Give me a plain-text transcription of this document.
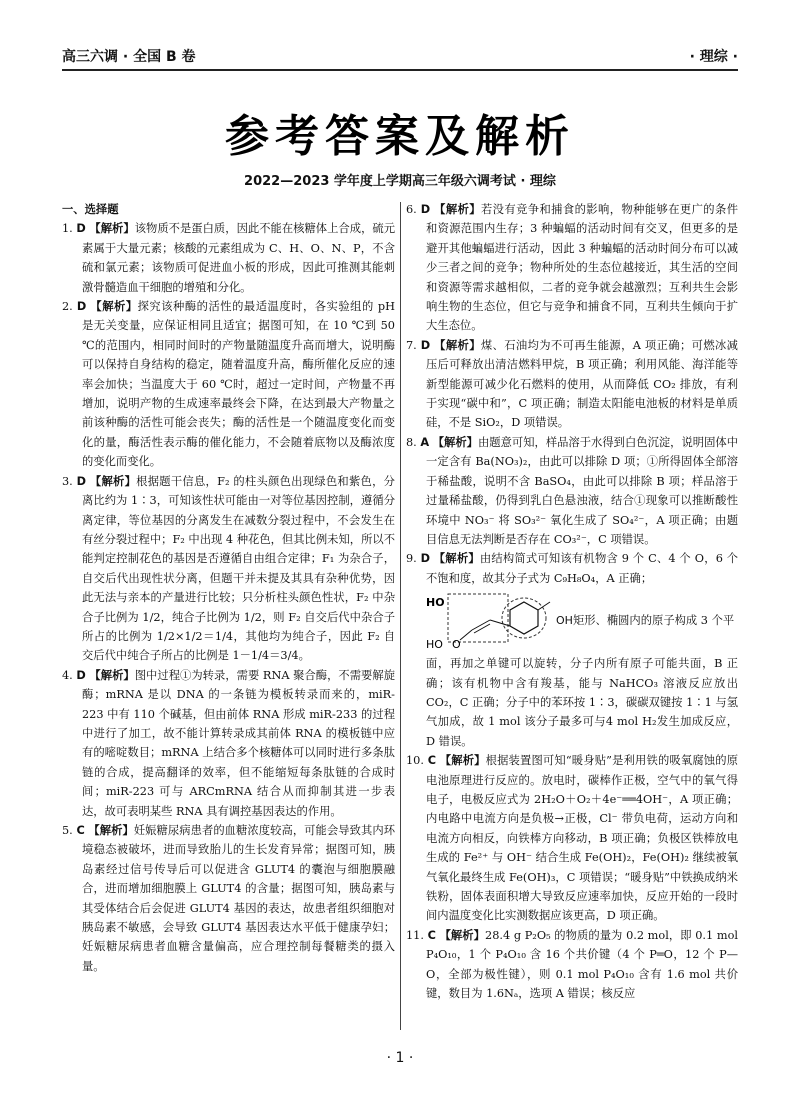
高三六调 · 全国 B 卷	· 理综 ·
参考答案及解析
2022—2023 学年度上学期高三年级六调考试 · 理综
一、选择题

1. D 【解析】该物质不是蛋白质，因此不能在核糖体上合成，硫元素属于大量元素；核酸的元素组成为 C、H、O、N、P，不含硫和氯元素；该物质可促进血小板的形成，因此可推测其能刺激骨髓造血干细胞的增殖和分化。

2. D 【解析】探究该种酶的活性的最适温度时，各实验组的 pH 是无关变量，应保证相同且适宜；据图可知，在 10 ℃到 50 ℃的范围内，相同时间时的产物量随温度升高而增大，说明酶可以保持自身结构的稳定，随着温度升高，酶所催化反应的速率会加快；当温度大于 60 ℃时，超过一定时间，产物量不再增加，说明产物的生成速率最终会下降，在达到最大产物量之前该种酶的活性可能会丧失；酶的活性是一个随温度变化而变化的量，酶活性表示酶的催化能力，不会随着底物以及酶浓度的变化而变化。

3. D 【解析】根据题干信息，F₂ 的柱头颜色出现绿色和紫色，分离比约为 1∶3，可知该性状可能由一对等位基因控制，遵循分离定律，等位基因的分离发生在减数分裂过程中，不会发生在有丝分裂过程中；F₂ 中出现 4 种花色，但其比例未知，所以不能判定控制花色的基因是否遵循自由组合定律；F₁ 为杂合子，自交后代出现性状分离，但题干并未提及其具有杂种优势，因此无法与亲本的产量进行比较；只分析柱头颜色性状，F₂ 中杂合子比例为 1/2，纯合子比例为 1/2，则 F₂ 自交后代中杂合子所占的比例为 1/2×1/2＝1/4，其他均为纯合子，因此 F₂ 自交后代中纯合子所占的比例是 1－1/4＝3/4。

4. D 【解析】图中过程①为转录，需要 RNA 聚合酶，不需要解旋酶；mRNA 是以 DNA 的一条链为模板转录而来的，miR-223 中有 110 个碱基，但由前体 RNA 形成 miR-233 的过程中进行了加工，故不能计算转录成其前体 RNA 的模板链中应有的嘧啶数目；mRNA 上结合多个核糖体可以同时进行多条肽链的合成，提高翻译的效率，但不能缩短每条肽链的合成时间；miR-223 可与 ARCmRNA 结合从而抑制其进一步表达，故可表明某些 RNA 具有调控基因表达的作用。

5. C 【解析】妊娠糖尿病患者的血糖浓度较高，可能会导致其内环境稳态被破坏，进而导致胎儿的生长发育异常；据图可知，胰岛素经过信号传导后可以促进含 GLUT4 的囊泡与细胞膜融合，进而增加细胞膜上 GLUT4 的含量；据图可知，胰岛素与其受体结合后会促进 GLUT4 基因的表达，故患者组织细胞对胰岛素不敏感，会导致 GLUT4 基因表达水平低于健康孕妇；妊娠糖尿病患者血糖含量偏高，应合理控制每餐糖类的摄入量。

6. D 【解析】若没有竞争和捕食的影响，物种能够在更广的条件和资源范围内生存；3 种蝙蝠的活动时间有交叉，但更多的是避开其他蝙蝠进行活动，因此 3 种蝙蝠的活动时间分布可以减少三者之间的竞争；物种所处的生态位越接近，其生活的空间和资源等需求越相似，二者的竞争就会越激烈；互利共生会影响生物的生态位，但它与竞争和捕食不同，互利共生倾向于扩大生态位。

7. D 【解析】煤、石油均为不可再生能源，A 项正确；可燃冰减压后可释放出清洁燃料甲烷，B 项正确；利用风能、海洋能等新型能源可减少化石燃料的使用，从而降低 CO₂ 排放，有利于实现“碳中和”，C 项正确；制造太阳能电池板的材料是单质硅，不是 SiO₂，D 项错误。

8. A 【解析】由题意可知，样品溶于水得到白色沉淀，说明固体中一定含有 Ba(NO₃)₂，由此可以排除 D 项；①所得固体全部溶于稀盐酸，说明不含 BaSO₄，由此可以排除 B 项；样品溶于过量稀盐酸，仍得到乳白色悬浊液，结合①现象可以推断酸性环境中 NO₃⁻ 将 SO₃²⁻ 氧化生成了 SO₄²⁻，A 项正确；由题目信息无法判断是否存在 CO₃²⁻，C 项错误。

9. D 【解析】由结构简式可知该有机物含 9 个 C、4 个 O，6 个不饱和度，故其分子式为 C₉H₈O₄，A 正确；

HO
HO O
OH 矩形、椭圆内的原子构成 3 个平

面，再加之单键可以旋转，分子内所有原子可能共面，B 正确；该有机物中含有羧基，能与 NaHCO₃ 溶液反应放出 CO₂，C 正确；分子中的苯环按 1∶3，碳碳双键按 1∶1 与氢气加成，故 1 mol 该分子最多可与4 mol H₂发生加成反应，D 错误。

10. C 【解析】根据装置图可知“暖身贴”是利用铁的吸氧腐蚀的原电池原理进行反应的。放电时，碳棒作正极，空气中的氧气得电子，电极反应式为 2H₂O＋O₂＋4e⁻══4OH⁻，A 项正确；内电路中电流方向是负极→正极，Cl⁻ 带负电荷，运动方向和电流方向相反，向铁棒方向移动，B 项正确；负极区铁棒放电生成的 Fe²⁺ 与 OH⁻ 结合生成 Fe(OH)₂，Fe(OH)₂ 继续被氧气氧化最终生成 Fe(OH)₃，C 项错误；“暖身贴”中铁换成纳米铁粉，固体表面积增大导致反应速率加快，反应开始的一段时间内温度变化比实测数据应该更高，D 项正确。

11. C 【解析】28.4 g P₂O₅ 的物质的量为 0.2 mol，即 0.1 mol P₄O₁₀，1 个 P₄O₁₀ 含 16 个共价键（4 个 P═O，12 个 P—O，全部为极性键），则 0.1 mol P₄O₁₀ 含有 1.6 mol 共价键，数目为 1.6Nₐ，选项 A 错误；核反应

· 1 ·
